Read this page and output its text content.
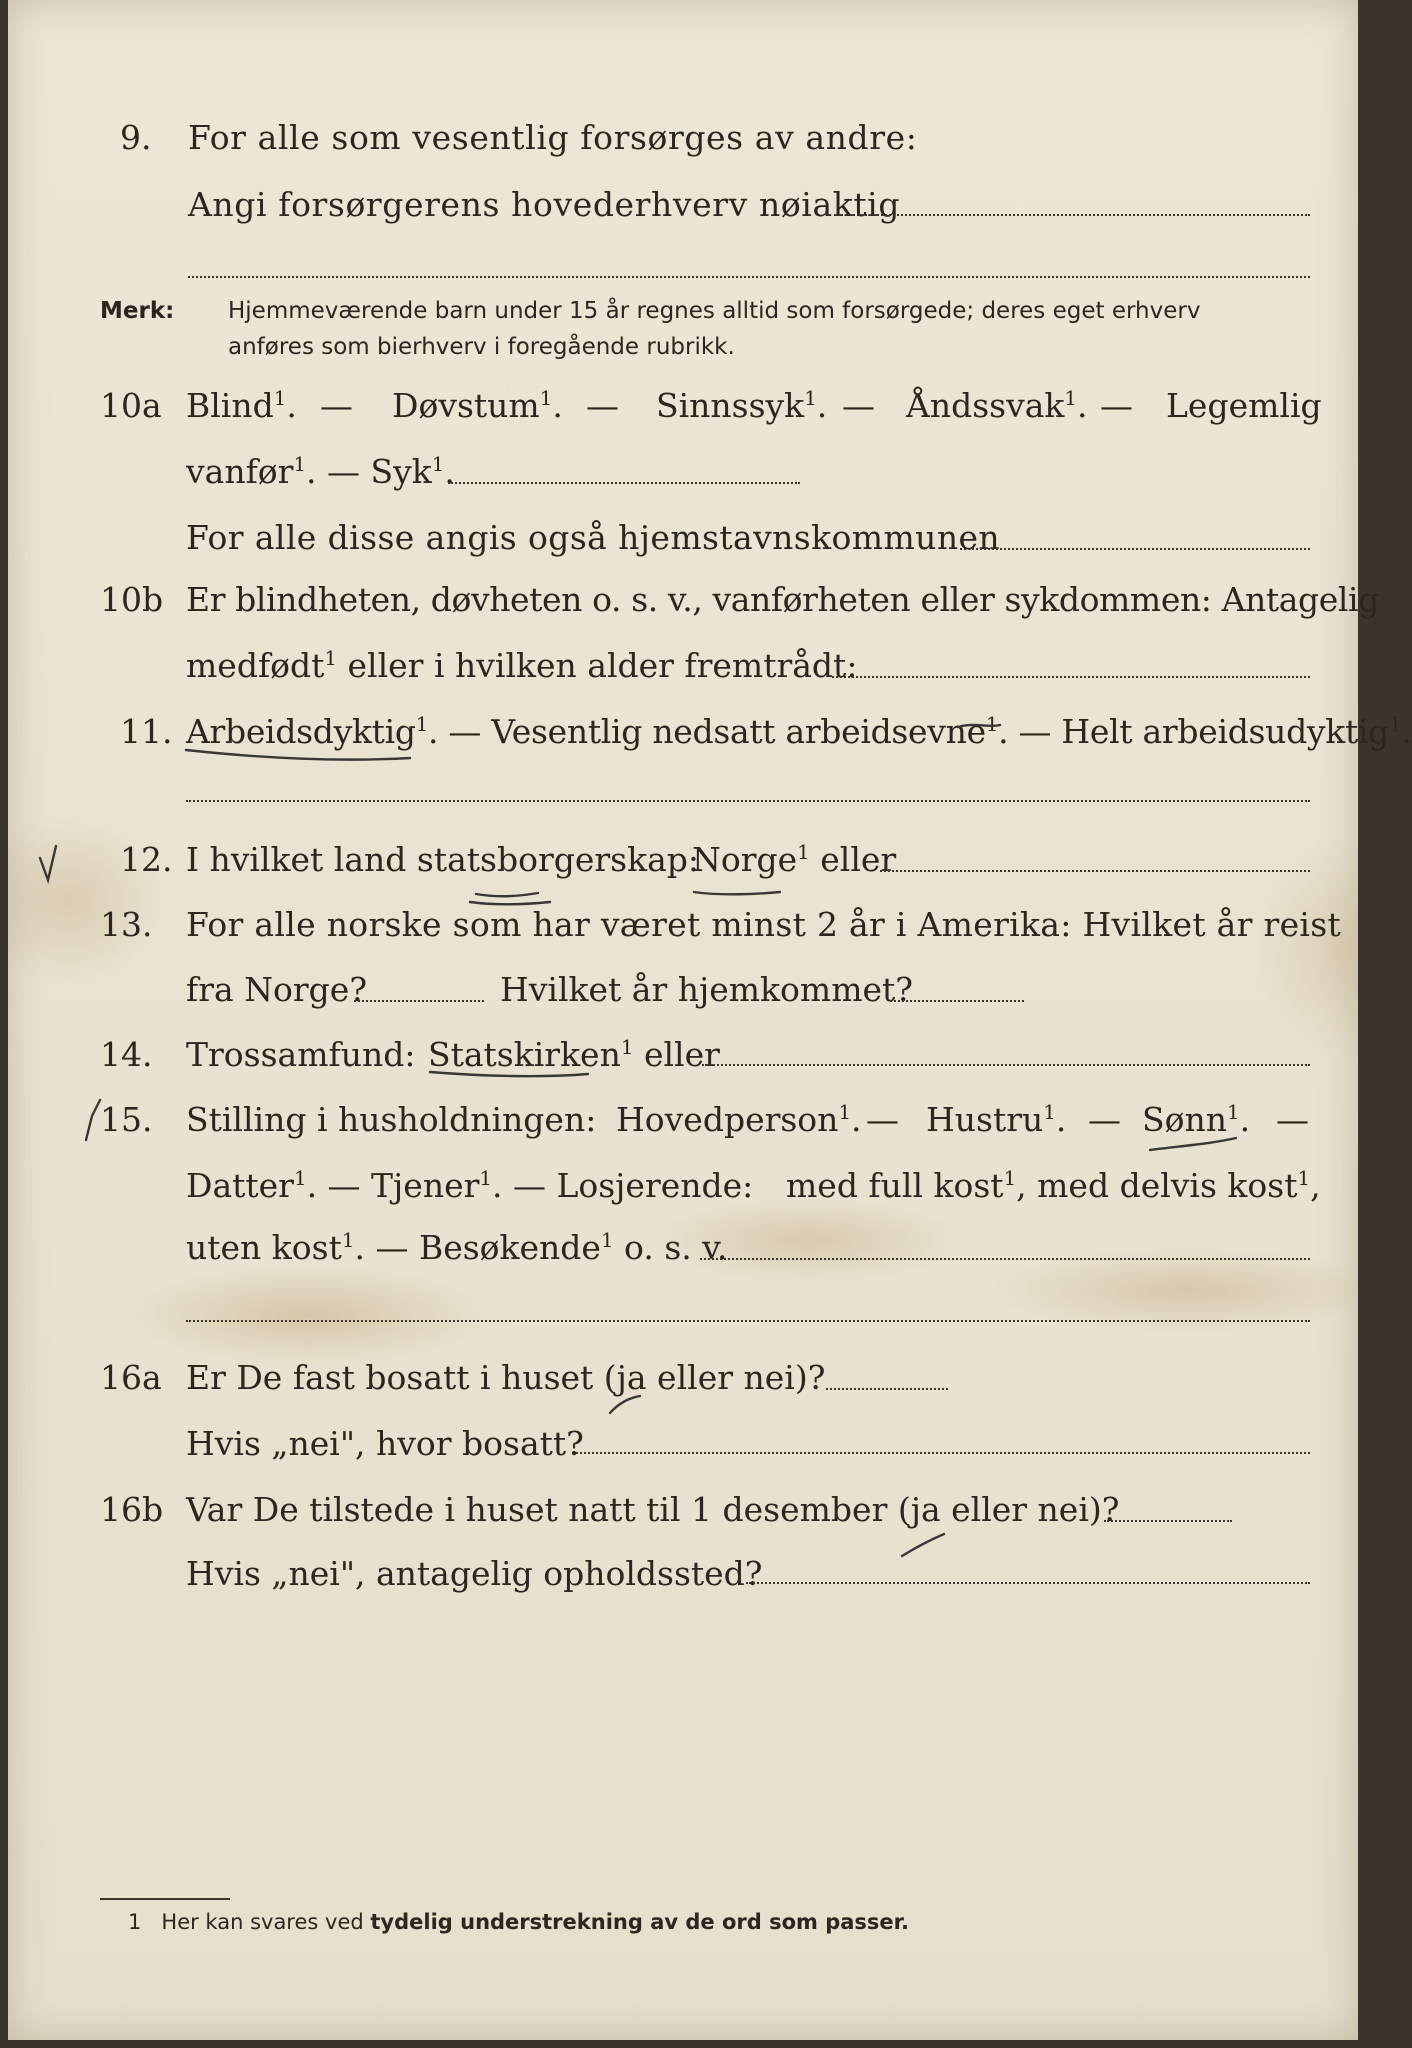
9. For alle som vesentlig forsørges av andre:
Angi forsørgerens hovederhverv nøiaktig
Merk: Hjemmeværende barn under 15 år regnes alltid som forsørgede; deres eget erhverv
anføres som bierhverv i foregående rubrikk.
10a Blind$^1$. — Døvstum$^1$. — Sinnssyk$^1$. — Åndssvak$^1$. — Legemlig
vanfør$^1$. — Syk$^1$.
For alle disse angis også hjemstavnskommunen
10b Er blindheten, døvheten o. s. v., vanførheten eller sykdommen: Antagelig
medfødt$^1$ eller i hvilken alder fremtrådt:
11. Arbeidsdyktig$^1$. — Vesentlig nedsatt arbeidsevne$^1$. — Helt arbeidsudyktig$^1$.
12. I hvilket land statsborgerskap:
Norge$^1$ eller
13. For alle norske som har været minst 2 år i Amerika: Hvilket år reist
fra Norge?	Hvilket år hjemkommet?
14. Trossamfund: Statskirken$^1$ eller
15. Stilling i husholdningen: Hovedperson$^1$. — Hustru$^1$. — Sønn$^1$. —
Datter$^1$. — Tjener$^1$. — Losjerende: med full kost$^1$, med delvis kost$^1$,
uten kost$^1$. — Besøkende$^1$ o. s. v.
16a Er De fast bosatt i huset (ja eller nei)?
Hvis „nei", hvor bosatt?
16b Var De tilstede i huset natt til 1 desember (ja eller nei)?
Hvis „nei", antagelig opholdssted?
1 Her kan svares ved tydelig understrekning av de ord som passer.
